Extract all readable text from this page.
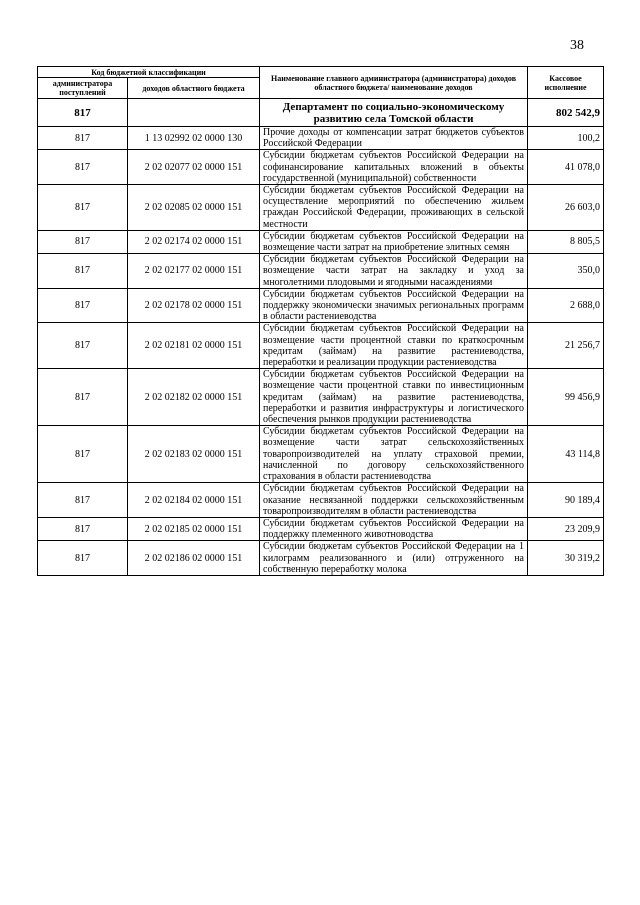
38
Код бюджетной классификации		Наименование главного администратора (администратора) доходов областного бюджета/ наименование доходов	Кассовое исполнение
администратора поступлений	доходов областного бюджета		
817		Департамент по социально-экономическому развитию села Томской области	802 542,9
817	1 13 02992 02 0000 130	Прочие доходы от компенсации затрат бюджетов субъектов Российской Федерации	100,2
817	2 02 02077 02 0000 151	Субсидии бюджетам субъектов Российской Федерации на софинансирование капитальных вложений в объекты государственной (муниципальной) собственности	41 078,0
817	2 02 02085 02 0000 151	Субсидии бюджетам субъектов Российской Федерации на осуществление мероприятий по обеспечению жильем граждан Российской Федерации, проживающих в сельской местности	26 603,0
817	2 02 02174 02 0000 151	Субсидии бюджетам субъектов Российской Федерации на возмещение части затрат на приобретение элитных семян	8 805,5
817	2 02 02177 02 0000 151	Субсидии бюджетам субъектов Российской Федерации на возмещение части затрат на закладку и уход за многолетними плодовыми и ягодными насаждениями	350,0
817	2 02 02178 02 0000 151	Субсидии бюджетам субъектов Российской Федерации на поддержку экономически значимых региональных программ в области растениеводства	2 688,0
817	2 02 02181 02 0000 151	Субсидии бюджетам субъектов Российской Федерации на возмещение части процентной ставки по краткосрочным кредитам (займам) на развитие растениеводства, переработки и реализации продукции растениеводства	21 256,7
817	2 02 02182 02 0000 151	Субсидии бюджетам субъектов Российской Федерации на возмещение части процентной ставки по инвестиционным кредитам (займам) на развитие растениеводства, переработки и развития инфраструктуры и логистического обеспечения рынков продукции растениеводства	99 456,9
817	2 02 02183 02 0000 151	Субсидии бюджетам субъектов Российской Федерации на возмещение части затрат сельскохозяйственных товаропроизводителей на уплату страховой премии, начисленной по договору сельскохозяйственного страхования в области растениеводства	43 114,8
817	2 02 02184 02 0000 151	Субсидии бюджетам субъектов Российской Федерации на оказание несвязанной поддержки сельскохозяйственным товаропроизводителям в области растениеводства	90 189,4
817	2 02 02185 02 0000 151	Субсидии бюджетам субъектов Российской Федерации на поддержку племенного животноводства	23 209,9
817	2 02 02186 02 0000 151	Субсидии бюджетам субъектов Российской Федерации на 1 килограмм реализованного и (или) отгруженного на собственную переработку молока	30 319,2
